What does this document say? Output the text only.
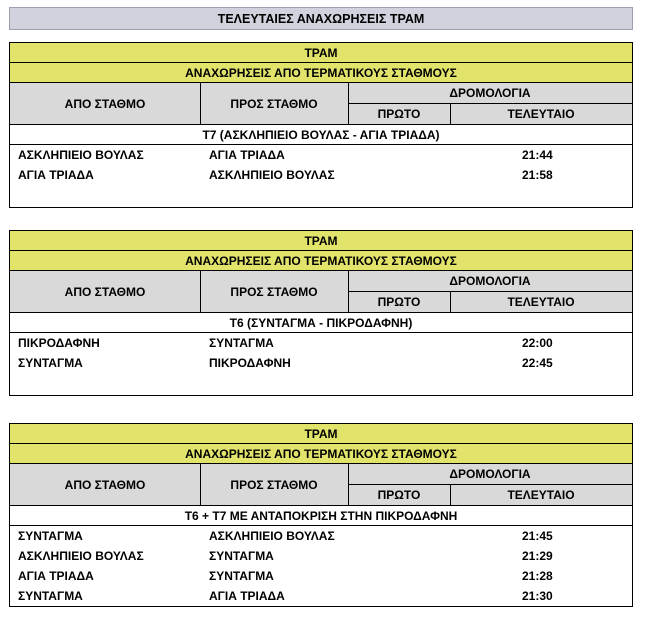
ΤΕΛΕΥΤΑΙΕΣ ΑΝΑΧΩΡΗΣΕΙΣ ΤΡΑΜ
ΤΡΑΜ
ΑΝΑΧΩΡΗΣΕΙΣ ΑΠΟ ΤΕΡΜΑΤΙΚΟΥΣ ΣΤΑΘΜΟΥΣ
ΑΠΟ ΣΤΑΘΜΟ	ΠΡΟΣ ΣΤΑΘΜΟ
ΔΡΟΜΟΛΟΓΙΑ
ΠΡΩΤΟ	ΤΕΛΕΥΤΑΙΟ
Τ7 (ΑΣΚΛΗΠΙΕΙΟ ΒΟΥΛΑΣ - ΑΓΙΑ ΤΡΙΑΔΑ)
ΑΣΚΛΗΠΙΕΙΟ ΒΟΥΛΑΣ	ΑΓΙΑ ΤΡΙΑΔΑ	21:44
ΑΓΙΑ ΤΡΙΑΔΑ	ΑΣΚΛΗΠΙΕΙΟ ΒΟΥΛΑΣ	21:58
ΤΡΑΜ
ΑΝΑΧΩΡΗΣΕΙΣ ΑΠΟ ΤΕΡΜΑΤΙΚΟΥΣ ΣΤΑΘΜΟΥΣ
ΑΠΟ ΣΤΑΘΜΟ	ΠΡΟΣ ΣΤΑΘΜΟ
ΔΡΟΜΟΛΟΓΙΑ
ΠΡΩΤΟ	ΤΕΛΕΥΤΑΙΟ
Τ6 (ΣΥΝΤΑΓΜΑ - ΠΙΚΡΟΔΑΦΝΗ)
ΠΙΚΡΟΔΑΦΝΗ	ΣΥΝΤΑΓΜΑ	22:00
ΣΥΝΤΑΓΜΑ	ΠΙΚΡΟΔΑΦΝΗ	22:45
ΤΡΑΜ
ΑΝΑΧΩΡΗΣΕΙΣ ΑΠΟ ΤΕΡΜΑΤΙΚΟΥΣ ΣΤΑΘΜΟΥΣ
ΑΠΟ ΣΤΑΘΜΟ	ΠΡΟΣ ΣΤΑΘΜΟ
ΔΡΟΜΟΛΟΓΙΑ
ΠΡΩΤΟ	ΤΕΛΕΥΤΑΙΟ
Τ6 + Τ7 ΜΕ ΑΝΤΑΠΟΚΡΙΣΗ ΣΤΗΝ ΠΙΚΡΟΔΑΦΝΗ
ΣΥΝΤΑΓΜΑ	ΑΣΚΛΗΠΙΕΙΟ ΒΟΥΛΑΣ	21:45
ΑΣΚΛΗΠΙΕΙΟ ΒΟΥΛΑΣ	ΣΥΝΤΑΓΜΑ	21:29
ΑΓΙΑ ΤΡΙΑΔΑ	ΣΥΝΤΑΓΜΑ	21:28
ΣΥΝΤΑΓΜΑ	ΑΓΙΑ ΤΡΙΑΔΑ	21:30
